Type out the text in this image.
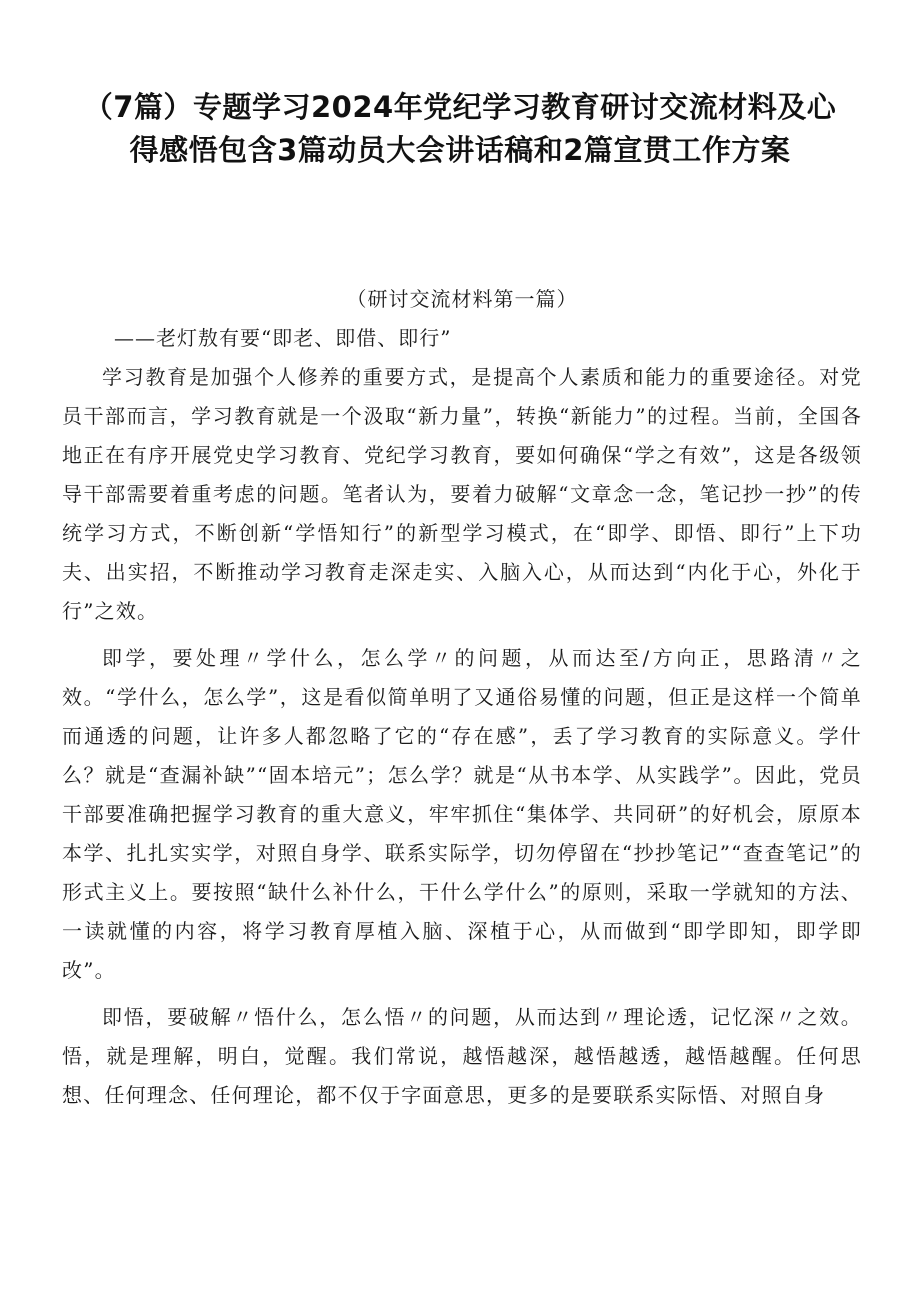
（7篇）专题学习2024年党纪学习教育研讨交流材料及心得感悟包含3篇动员大会讲话稿和2篇宣贯工作方案

（研讨交流材料第一篇）

——老灯敖有要“即老、即借、即行”

学习教育是加强个人修养的重要方式，是提高个人素质和能力的重要途径。对党员干部而言，学习教育就是一个汲取“新力量”，转换“新能力”的过程。当前，全国各地正在有序开展党史学习教育、党纪学习教育，要如何确保“学之有效”，这是各级领导干部需要着重考虑的问题。笔者认为，要着力破解“文章念一念，笔记抄一抄”的传统学习方式，不断创新“学悟知行”的新型学习模式，在“即学、即悟、即行”上下功夫、出实招，不断推动学习教育走深走实、入脑入心，从而达到“内化于心，外化于行”之效。

即学，要处理〃学什么，怎么学〃的问题，从而达至/方向正，思路清〃之效。“学什么，怎么学”，这是看似简单明了又通俗易懂的问题，但正是这样一个简单而通透的问题，让许多人都忽略了它的“存在感”，丢了学习教育的实际意义。学什么？就是“查漏补缺”“固本培元”；怎么学？就是“从书本学、从实践学”。因此，党员干部要准确把握学习教育的重大意义，牢牢抓住“集体学、共同研”的好机会，原原本本学、扎扎实实学，对照自身学、联系实际学，切勿停留在“抄抄笔记”“查查笔记”的形式主义上。要按照“缺什么补什么，干什么学什么”的原则，采取一学就知的方法、一读就懂的内容，将学习教育厚植入脑、深植于心，从而做到“即学即知，即学即改”。

即悟，要破解〃悟什么，怎么悟〃的问题，从而达到〃理论透，记忆深〃之效。悟，就是理解，明白，觉醒。我们常说，越悟越深，越悟越透，越悟越醒。任何思想、任何理念、任何理论，都不仅于字面意思，更多的是要联系实际悟、对照自身
